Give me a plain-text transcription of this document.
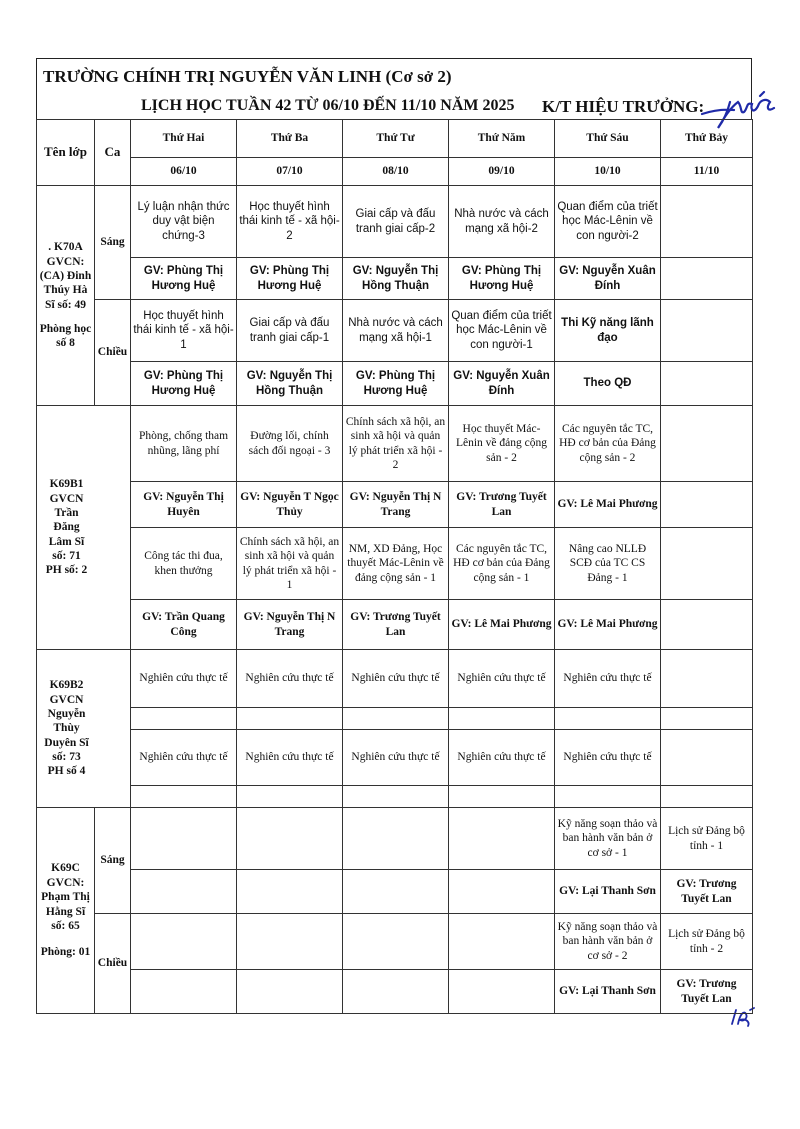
TRƯỜNG CHÍNH TRỊ NGUYỄN VĂN LINH (Cơ sở 2)
LỊCH HỌC TUẦN 42 TỪ 06/10 ĐẾN 11/10 NĂM 2025 K/T HIỆU TRƯỞNG:
Tên lớp	Ca	Thứ Hai	Thứ Ba	Thứ Tư	Thứ Năm	Thứ Sáu	Thứ Bảy
		06/10	07/10	08/10	09/10	10/10	11/10

. K70A GVCN: (CA) Đinh Thúy Hà Sĩ số: 49
Phòng học số 8	Sáng	Lý luận nhận thức duy vật biện chứng-3	Học thuyết hình thái kinh tế - xã hội-2	Giai cấp và đấu tranh giai cấp-2	Nhà nước và cách mạng xã hội-2	Quan điểm của triết học Mác-Lênin về con người-2	
		GV: Phùng Thị Hương Huệ	GV: Phùng Thị Hương Huệ	GV: Nguyễn Thị Hồng Thuận	GV: Phùng Thị Hương Huệ	GV: Nguyễn Xuân Đính	
	Chiều	Học thuyết hình thái kinh tế - xã hội-1	Giai cấp và đấu tranh giai cấp-1	Nhà nước và cách mạng xã hội-1	Quan điểm của triết học Mác-Lênin về con người-1	Thi Kỹ năng lãnh đạo	
		GV: Phùng Thị Hương Huệ	GV: Nguyễn Thị Hồng Thuận	GV: Phùng Thị Hương Huệ	GV: Nguyễn Xuân Đính	Theo QĐ	
K69B1 GVCN Trần Đăng Lâm Sĩ số: 71 PH số: 2		Phòng, chống tham nhũng, lãng phí	Đường lối, chính sách đối ngoại - 3	Chính sách xã hội, an sinh xã hội và quản lý phát triển xã hội - 2	Học thuyết Mác-Lênin về đảng cộng sản - 2	Các nguyên tắc TC, HĐ cơ bản của Đảng cộng sản - 2	
		GV: Nguyễn Thị Huyên	GV: Nguyễn T Ngọc Thủy	GV: Nguyễn Thị N Trang	GV: Trương Tuyết Lan	GV: Lê Mai Phương	
		Công tác thi đua, khen thưởng	Chính sách xã hội, an sinh xã hội và quản lý phát triển xã hội - 1	NM, XD Đảng, Học thuyết Mác-Lênin về đảng cộng sản - 1	Các nguyên tắc TC, HĐ cơ bản của Đảng cộng sản - 1	Nâng cao NLLĐ SCĐ của TC CS Đảng - 1	
		GV: Trần Quang Công	GV: Nguyễn Thị N Trang	GV: Trương Tuyết Lan	GV: Lê Mai Phương	GV: Lê Mai Phương	
K69B2 GVCN Nguyễn Thùy Duyên Sĩ số: 73 PH số 4		Nghiên cứu thực tế	Nghiên cứu thực tế	Nghiên cứu thực tế	Nghiên cứu thực tế	Nghiên cứu thực tế	

		Nghiên cứu thực tế	Nghiên cứu thực tế	Nghiên cứu thực tế	Nghiên cứu thực tế	Nghiên cứu thực tế	

K69C GVCN: Phạm Thị Hằng Sĩ số: 65
Phòng: 01	Sáng					Kỹ năng soạn thảo và ban hành văn bản ở cơ sở - 1	Lịch sử Đảng bộ tỉnh - 1
						GV: Lại Thanh Sơn	GV: Trương Tuyết Lan
	Chiều					Kỹ năng soạn thảo và ban hành văn bản ở cơ sở - 2	Lịch sử Đảng bộ tỉnh - 2
						GV: Lại Thanh Sơn	GV: Trương Tuyết Lan
